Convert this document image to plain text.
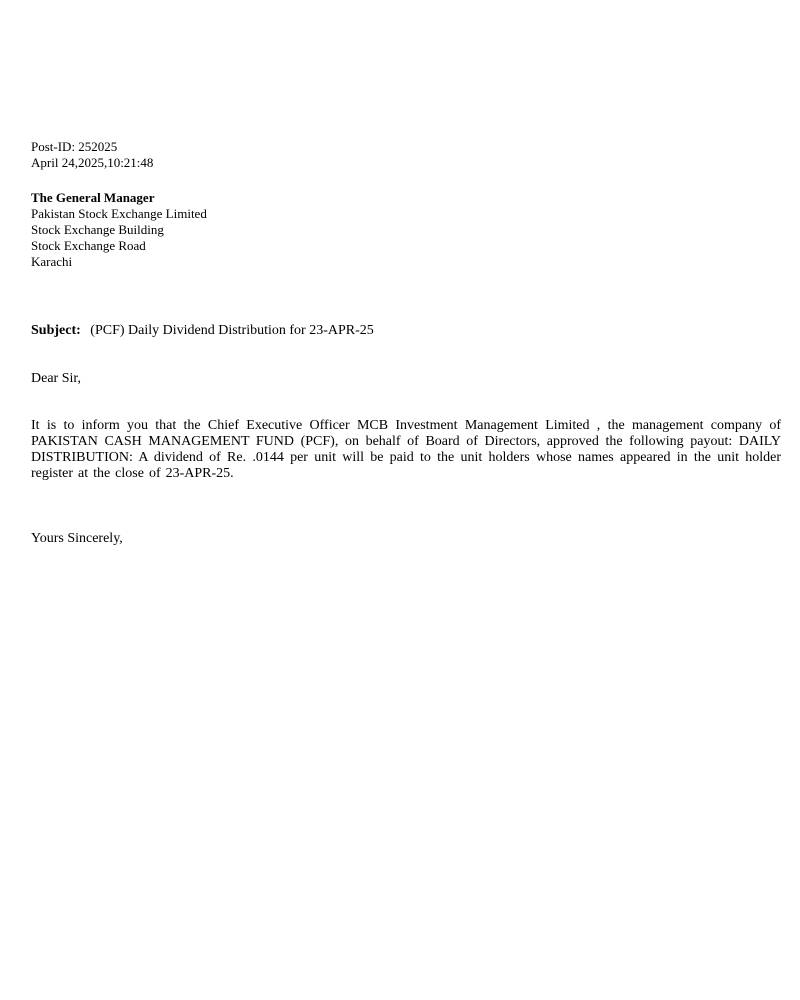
Post-ID: 252025
April 24,2025,10:21:48
The General Manager
Pakistan Stock Exchange Limited
Stock Exchange Building
Stock Exchange Road
Karachi
Subject: (PCF) Daily Dividend Distribution for 23-APR-25

Dear Sir,

It is to inform you that the Chief Executive Officer MCB Investment Management Limited , the management company of PAKISTAN CASH MANAGEMENT FUND (PCF), on behalf of Board of Directors, approved the following payout: DAILY DISTRIBUTION: A dividend of Re. .0144 per unit will be paid to the unit holders whose names appeared in the unit holder register at the close of 23-APR-25.

Yours Sincerely,
